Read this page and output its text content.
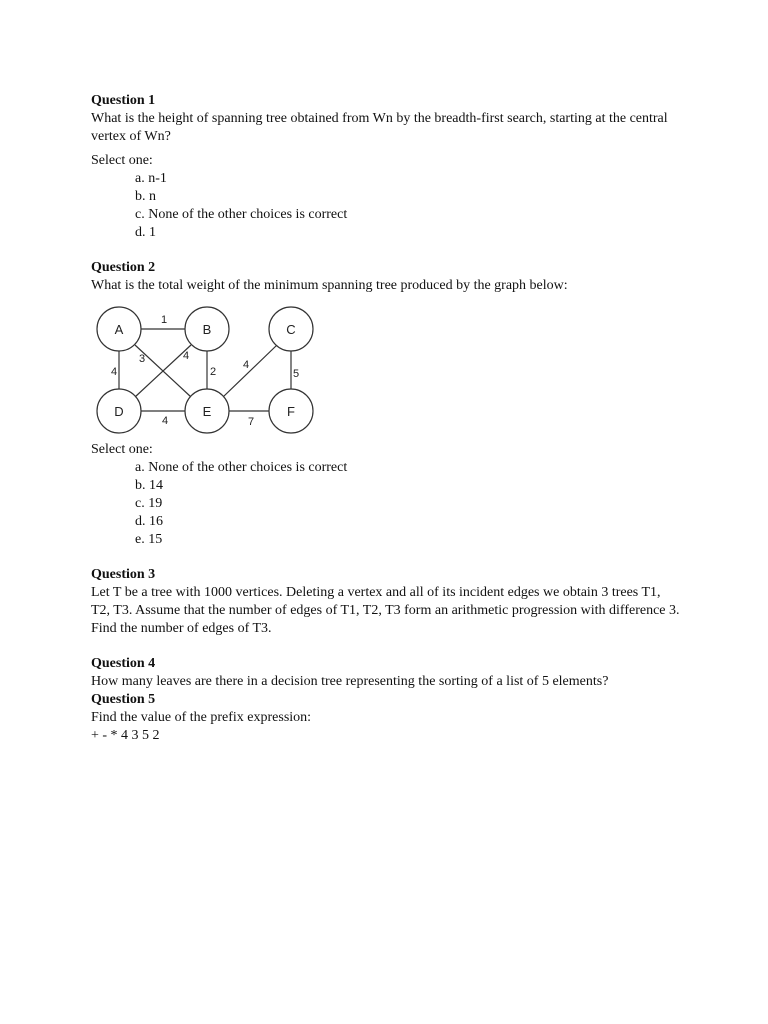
Question 1
What is the height of spanning tree obtained from Wn by the breadth-first search, starting at the central vertex of Wn?
Select one:
a. n-1
b. n
c. None of the other choices is correct
d. 1
Question 2
What is the total weight of the minimum spanning tree produced by the graph below:
A	B	C
D	E	F
1
4
3	4
2
4
5
4	7
Select one:
a. None of the other choices is correct
b. 14
c. 19
d. 16
e. 15
Question 3
Let T be a tree with 1000 vertices. Deleting a vertex and all of its incident edges we obtain 3 trees T1, T2, T3. Assume that the number of edges of T1, T2, T3 form an arithmetic progression with difference 3. Find the number of edges of T3.
Question 4
How many leaves are there in a decision tree representing the sorting of a list of 5 elements?
Question 5
Find the value of the prefix expression:
+ - * 4 3 5 2
